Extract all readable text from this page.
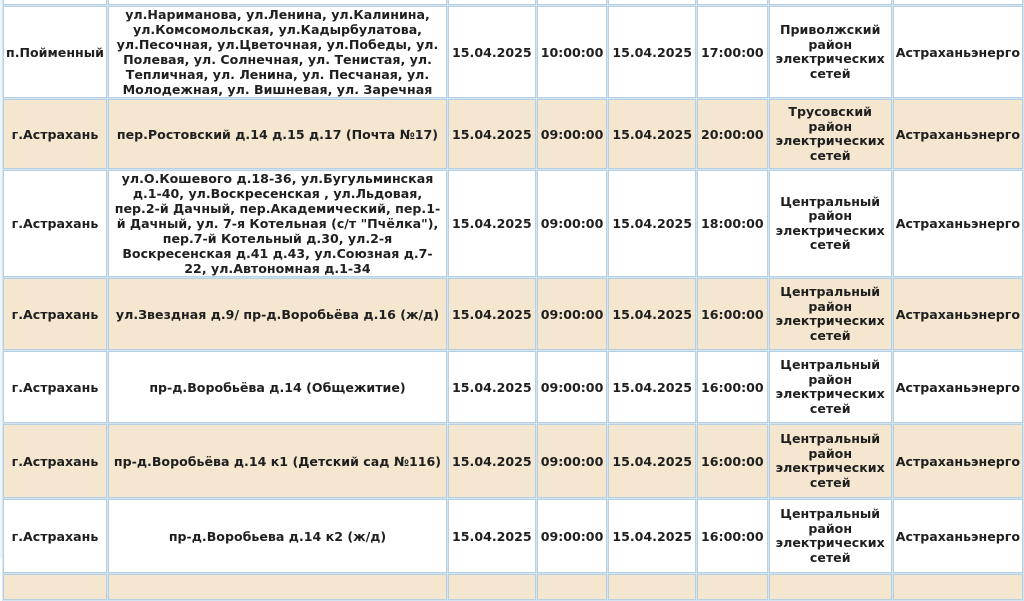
п.Пойменный	ул.Нариманова, ул.Ленина, ул.Калинина, ул.Комсомольская, ул.Кадырбулатова, ул.Песочная, ул.Цветочная, ул.Победы, ул. Полевая, ул. Солнечная, ул. Тенистая, ул. Тепличная, ул. Ленина, ул. Песчаная, ул. Молодежная, ул. Вишневая, ул. Заречная	15.04.2025	10:00:00	15.04.2025	17:00:00	Приволжский район электрических сетей	Астраханьэнерго
г.Астрахань	пер.Ростовский д.14 д.15 д.17 (Почта №17)	15.04.2025	09:00:00	15.04.2025	20:00:00	Трусовский район электрических сетей	Астраханьэнерго
г.Астрахань	ул.О.Кошевого д.18-36, ул.Бугульминская д.1-40, ул.Воскресенская , ул.Льдовая, пер.2-й Дачный, пер.Академический, пер.1-й Дачный, ул. 7-я Котельная (с/т "Пчёлка"), пер.7-й Котельный д.30, ул.2-я Воскресенская д.41 д.43, ул.Союзная д.7-22, ул.Автономная д.1-34	15.04.2025	09:00:00	15.04.2025	18:00:00	Центральный район электрических сетей	Астраханьэнерго
г.Астрахань	ул.Звездная д.9/ пр-д.Воробьёва д.16 (ж/д)	15.04.2025	09:00:00	15.04.2025	16:00:00	Центральный район электрических сетей	Астраханьэнерго
г.Астрахань	пр-д.Воробьёва д.14 (Общежитие)	15.04.2025	09:00:00	15.04.2025	16:00:00	Центральный район электрических сетей	Астраханьэнерго
г.Астрахань	пр-д.Воробьёва д.14 к1 (Детский сад №116)	15.04.2025	09:00:00	15.04.2025	16:00:00	Центральный район электрических сетей	Астраханьэнерго
г.Астрахань	пр-д.Воробьева д.14 к2 (ж/д)	15.04.2025	09:00:00	15.04.2025	16:00:00	Центральный район электрических сетей	Астраханьэнерго
